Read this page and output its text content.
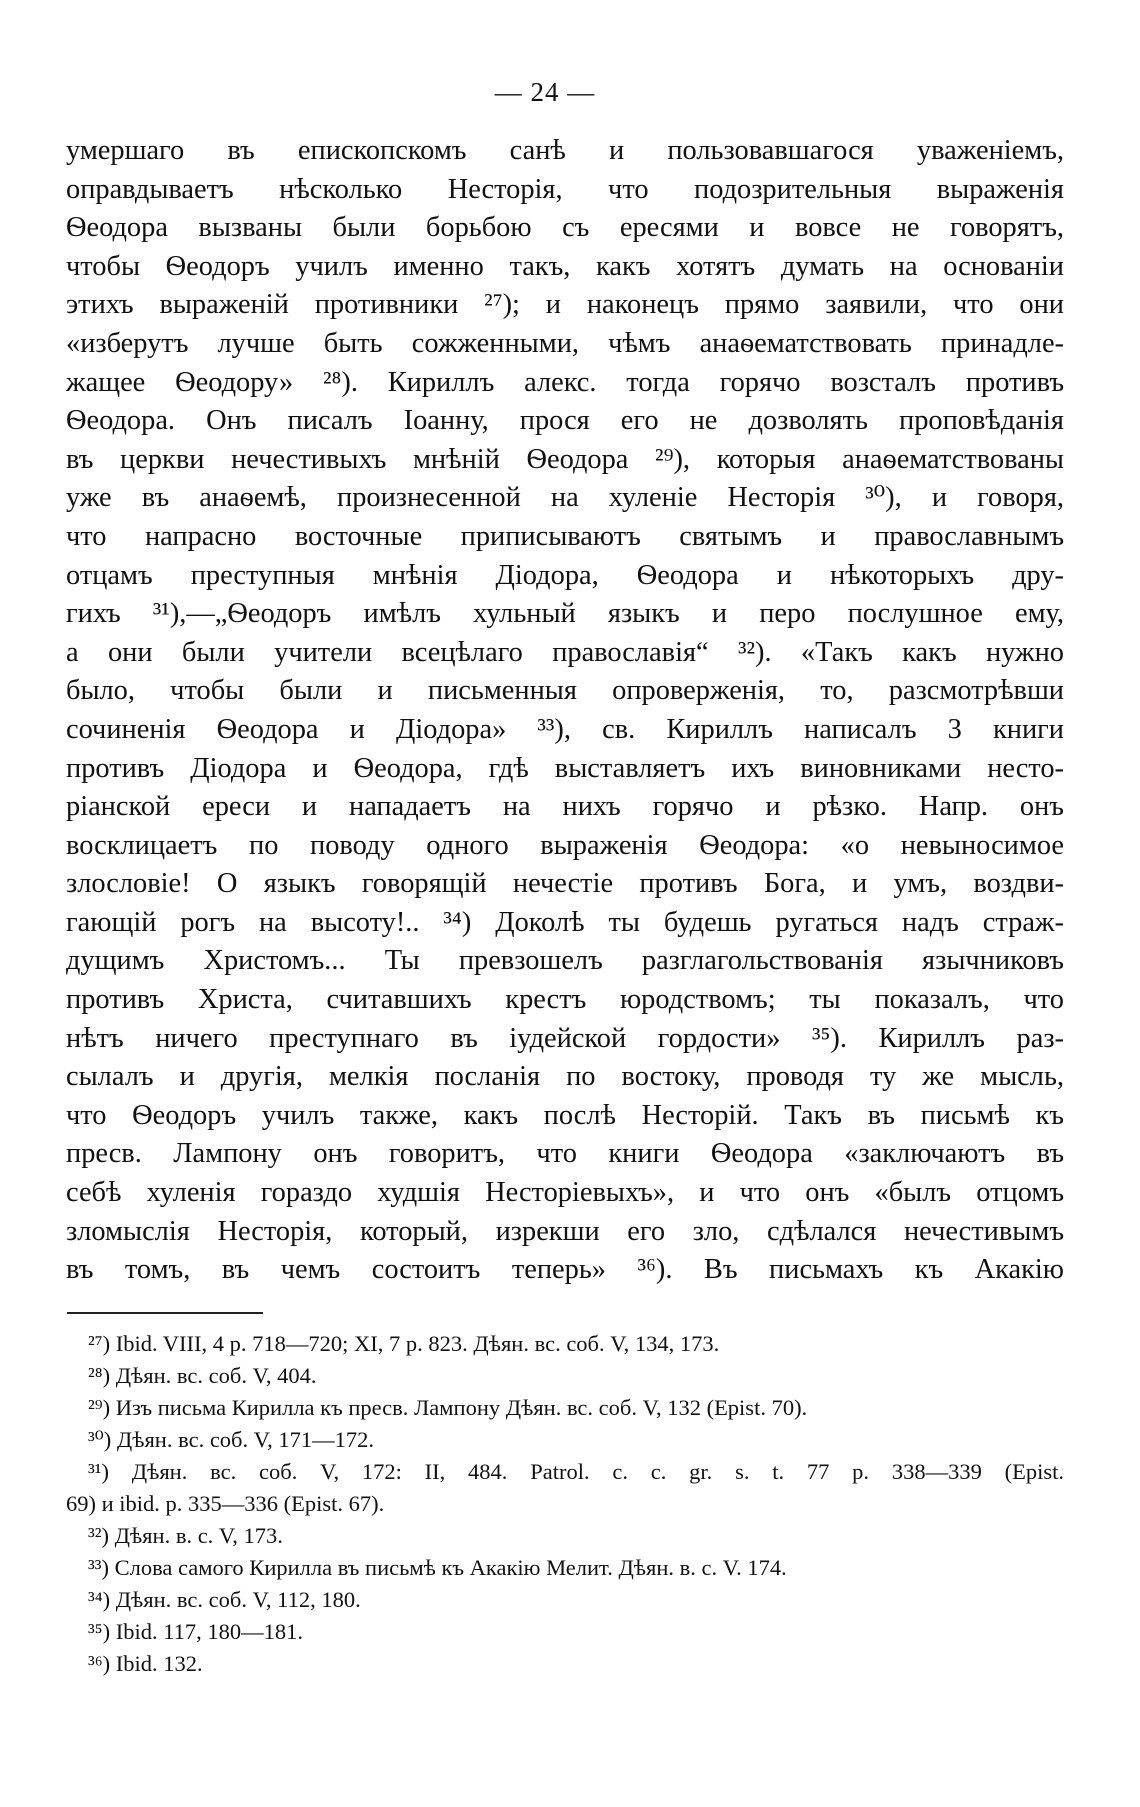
— 24 —
умершаго въ епископскомъ санѣ и пользовавшагося уваженіемъ,
оправдываетъ нѣсколько Несторія, что подозрительныя выраженія
Ѳеодора вызваны были борьбою съ ересями и вовсе не говорятъ,
чтобы Ѳеодоръ училъ именно такъ, какъ хотятъ думать на основаніи
этихъ выраженій противники ²⁷); и наконецъ прямо заявили, что они
«изберутъ лучше быть сожженными, чѣмъ анаѳематствовать принадле-
жащее Ѳеодору» ²⁸). Кириллъ алекс. тогда горячо возсталъ противъ
Ѳеодора. Онъ писалъ Іоанну, прося его не дозволять проповѣданія
въ церкви нечестивыхъ мнѣній Ѳеодора ²⁹), которыя анаѳематствованы
уже въ анаѳемѣ, произнесенной на хуленіе Несторія ³⁰), и говоря,
что напрасно восточные приписываютъ святымъ и православнымъ
отцамъ преступныя мнѣнія Діодора, Ѳеодора и нѣкоторыхъ дру-
гихъ ³¹),—„Ѳеодоръ имѣлъ хульный языкъ и перо послушное ему,
а они были учители всецѣлаго православія“ ³²). «Такъ какъ нужно
было, чтобы были и письменныя опроверженія, то, разсмотрѣвши
сочиненія Ѳеодора и Діодора» ³³), св. Кириллъ написалъ 3 книги
противъ Діодора и Ѳеодора, гдѣ выставляетъ ихъ виновниками несто-
ріанской ереси и нападаетъ на нихъ горячо и рѣзко. Напр. онъ
восклицаетъ по поводу одного выраженія Ѳеодора: «о невыносимое
злословіе! О языкъ говорящій нечестіе противъ Бога, и умъ, воздви-
гающій рогъ на высоту!.. ³⁴) Доколѣ ты будешь ругаться надъ страж-
дущимъ Христомъ... Ты превзошелъ разглагольствованія язычниковъ
противъ Христа, считавшихъ крестъ юродствомъ; ты показалъ, что
нѣтъ ничего преступнаго въ іудейской гордости» ³⁵). Кириллъ раз-
сылалъ и другія, мелкія посланія по востоку, проводя ту же мысль,
что Ѳеодоръ училъ также, какъ послѣ Несторій. Такъ въ письмѣ къ
пресв. Лампону онъ говоритъ, что книги Ѳеодора «заключаютъ въ
себѣ хуленія гораздо худшія Несторіевыхъ», и что онъ «былъ отцомъ
зломыслія Несторія, который, изрекши его зло, сдѣлался нечестивымъ
въ томъ, въ чемъ состоитъ теперь» ³⁶). Въ письмахъ къ Акакію
²⁷) Ibid. VIII, 4 p. 718—720; XI, 7 p. 823. Дѣян. вс. соб. V, 134, 173.
²⁸) Дѣян. вс. соб. V, 404.
²⁹) Изъ письма Кирилла къ пресв. Лампону Дѣян. вс. соб. V, 132 (Epist. 70).
³⁰) Дѣян. вс. соб. V, 171—172.
³¹) Дѣян. вс. соб. V, 172: II, 484. Patrol. c. c. gr. s. t. 77 p. 338—339 (Epist.
69) и ibid. p. 335—336 (Epist. 67).
³²) Дѣян. в. с. V, 173.
³³) Слова самого Кирилла въ письмѣ къ Акакію Мелит. Дѣян. в. с. V. 174.
³⁴) Дѣян. вс. соб. V, 112, 180.
³⁵) Ibid. 117, 180—181.
³⁶) Ibid. 132.
